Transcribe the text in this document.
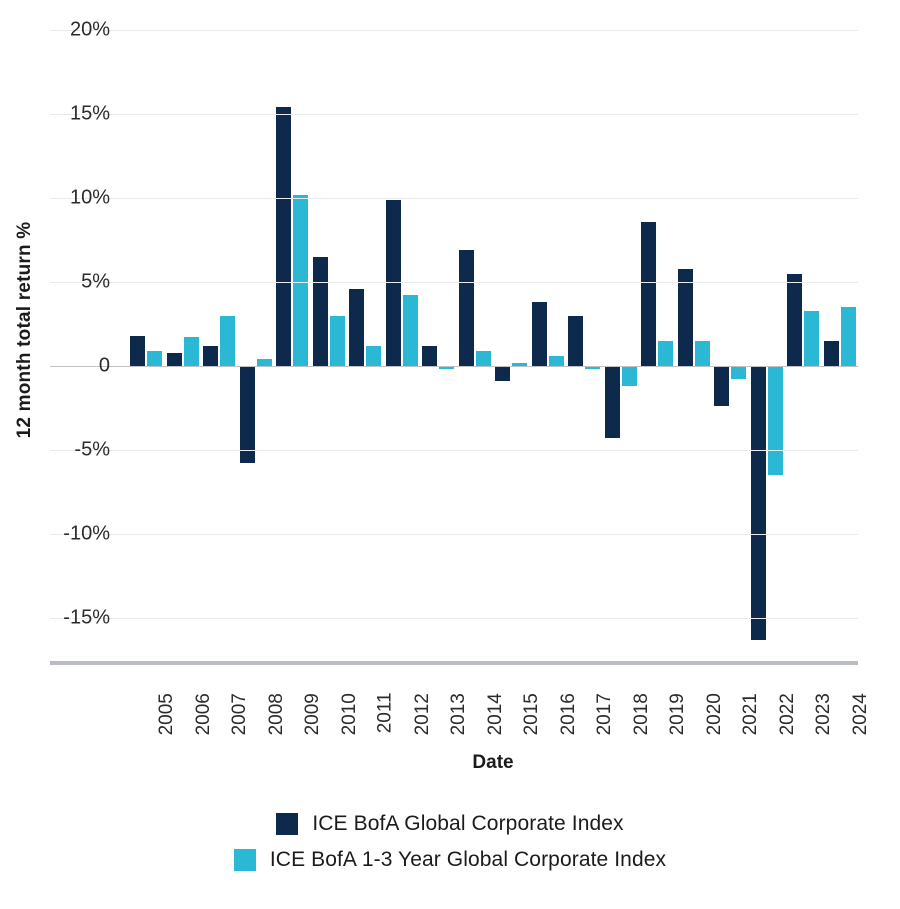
12 month total return %
20%
15%
10%
5%
0
-5%
-10%
-15%
2005 2006 2007 2008 2009 2010 2011 2012 2013 2014 2015 2016 2017 2018 2019 2020 2021 2022 2023 2024
Date
ICE BofA Global Corporate Index
ICE BofA 1-3 Year Global Corporate Index
